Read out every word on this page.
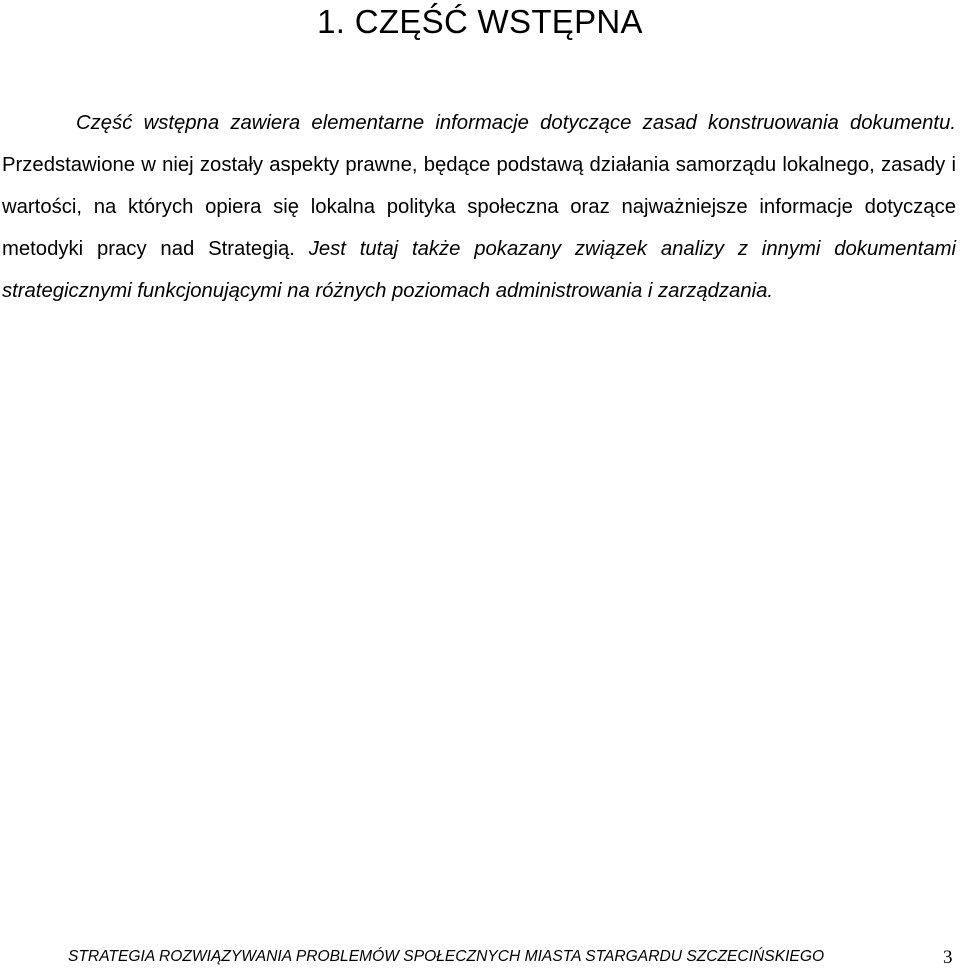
1. CZĘŚĆ WSTĘPNA

Część wstępna zawiera elementarne informacje dotyczące zasad konstruowania dokumentu. Przedstawione w niej zostały aspekty prawne, będące podstawą działania samorządu lokalnego, zasady i wartości, na których opiera się lokalna polityka społeczna oraz najważniejsze informacje dotyczące metodyki pracy nad Strategią. Jest tutaj także pokazany związek analizy z innymi dokumentami strategicznymi funkcjonującymi na różnych poziomach administrowania i zarządzania.

STRATEGIA ROZWIĄZYWANIA PROBLEMÓW SPOŁECZNYCH MIASTA STARGARDU SZCZECIŃSKIEGO	3
